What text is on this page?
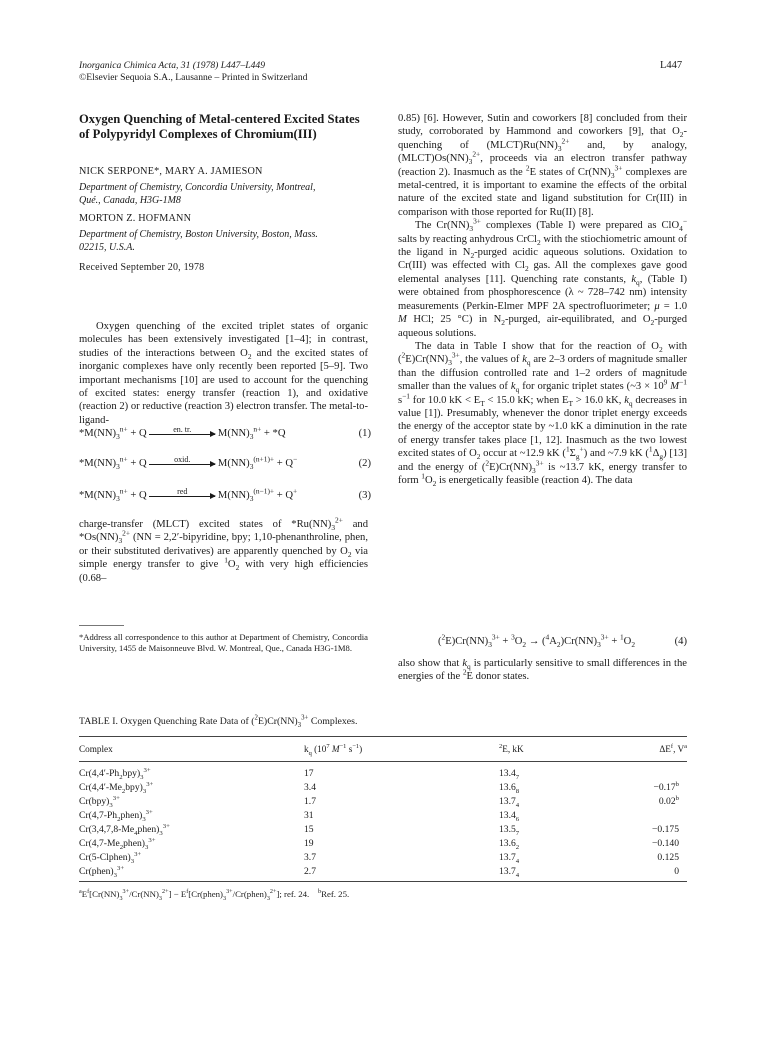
Inorganica Chimica Acta, 31 (1978) L447–L449
©Elsevier Sequoia S.A., Lausanne – Printed in Switzerland
L447
Oxygen Quenching of Metal-centered Excited States
of Polypyridyl Complexes of Chromium(III)
NICK SERPONE*, MARY A. JAMIESON
Department of Chemistry, Concordia University, Montreal,
Qué., Canada, H3G-1M8
MORTON Z. HOFMANN
Department of Chemistry, Boston University, Boston, Mass.
02215, U.S.A.
Received September 20, 1978

Oxygen quenching of the excited triplet states of organic molecules has been extensively investigated [1–4]; in contrast, studies of the interactions between $O_2$ and the excited states of inorganic complexes have only recently been reported [5–9]. Two important mechanisms [10] are used to account for the quenching of excited states: energy transfer (reaction 1), and oxidative (reaction 2) or reductive (reaction 3) electron transfer. The metal-to-ligand-

$*M(NN)_3^{n+} + Q$	en. tr.	$M(NN)_3^{n+} + *Q$	(1)
$*M(NN)_3^{n+} + Q$	oxid.	$M(NN)_3^{(n+1)+} + Q^-$	(2)
$*M(NN)_3^{n+} + Q$	red	$M(NN)_3^{(n-1)+} + Q^+$	(3)

charge-transfer (MLCT) excited states of $*Ru(NN)_3^{2+}$ and $*Os(NN)_3^{2+}$ (NN = 2,2′-bipyridine, bpy; 1,10-phenanthroline, phen, or their substituted derivatives) are apparently quenched by $O_2$ via simple energy transfer to give $^1O_2$ with very high efficiencies (0.68–

*Address all correspondence to this author at Department of Chemistry, Concordia University, 1455 de Maisonneuve Blvd. W. Montreal, Que., Canada H3G-1M8.

0.85) [6]. However, Sutin and coworkers [8] concluded from their study, corroborated by Hammond and coworkers [9], that $O_2$-quenching of $(MLCT)Ru(NN)_3^{2+}$ and, by analogy, $(MLCT)Os(NN)_3^{2+}$, proceeds via an electron transfer pathway (reaction 2). Inasmuch as the $^2$E states of $Cr(NN)_3^{3+}$ complexes are metal-centred, it is important to examine the effects of the orbital nature of the excited state and ligand substitution for Cr(III) in comparison with those reported for Ru(II) [8].

The $Cr(NN)_3^{3+}$ complexes (Table I) were prepared as ClO$_4$− salts by reacting anhydrous CrCl$_2$ with the stiochiometric amount of the ligand in $N_2$-purged acidic aqueous solutions. Oxidation to Cr(III) was effected with $Cl_2$ gas. All the complexes gave good elemental analyses [11]. Quenching rate constants, $k_q$, (Table I) were obtained from phosphorescence (λ ~ 728–742 nm) intensity measurements (Perkin-Elmer MPF 2A spectrofluorimeter; μ = 1.0 M HCl; 25 °C) in $N_2$-purged, air-equilibrated, and $O_2$-purged aqueous solutions.

The data in Table I show that for the reaction of $O_2$ with $(^2E)Cr(NN)_3^{3+}$, the values of $k_q$ are 2–3 orders of magnitude smaller than the diffusion controlled rate and 1–2 orders of magnitude smaller than the values of $k_q$ for organic triplet states (~3 × $10^9$ $M^{-1}$ $s^{-1}$ for 10.0 kK < $E_T < 15.0$ kK; when $E_T > 16.0$ kK, $k_q$ decreases in value [1]). Presumably, whenever the donor triplet energy exceeds the energy of the acceptor state by ~1.0 kK a diminution in the rate of energy transfer takes place [1, 12]. Inasmuch as the two lowest excited states of $O_2$ occur at ~12.9 kK $(^1\Sigma_g^+)$ and ~7.9 kK $(^1\Delta_g)$ [13] and the energy of $(^2E)Cr(NN)_3^{3+}$ is ~13.7 kK, energy transfer to form $^1O_2$ is energetically feasible (reaction 4). The data

$(^2E)Cr(NN)_3^{3+} + ^3O_2 \to (^4A_2)Cr(NN)_3^{3+} + ^1O_2$	(4)

also show that $k_q$ is particularly sensitive to small differences in the energies of the $^2$E donor states.

TABLE I. Oxygen Quenching Rate Data of $(^2E)Cr(NN)_3^{3+}$ Complexes.
Complex	$k_q$ ($10^7$ $M^{-1}$ $s^{-1}$)	$^2$E, kK	$\Delta E^f$, $V^a$
$Cr(4,4'-Ph_2bpy)_3^{3+}$	17	$13.4_7$
$Cr(4,4'-Me_2bpy)_3^{3+}$	3.4	$13.6_8$	−0.17$^b$
$Cr(bpy)_3^{3+}$	1.7	$13.7_4$	0.02$^b$
$Cr(4,7-Ph_2phen)_3^{3+}$	31	$13.4_6$
$Cr(3,4,7,8-Me_4phen)_3^{3+}$	15	$13.5_7$	−0.175
$Cr(4,7-Me_2phen)_3^{3+}$	19	$13.6_2$	−0.140
$Cr(5-Clphen)_3^{3+}$	3.7	$13.7_4$	0.125
$Cr(phen)_3^{3+}$	2.7	$13.7_4$	0
$^aE^f[Cr(NN)_3^{3+}/Cr(NN)_3^{2+}]$ − $E^f[Cr(phen)_3^{3+}/Cr(phen)_3^{2+}]$; ref. 24.    $^b$Ref. 25.
